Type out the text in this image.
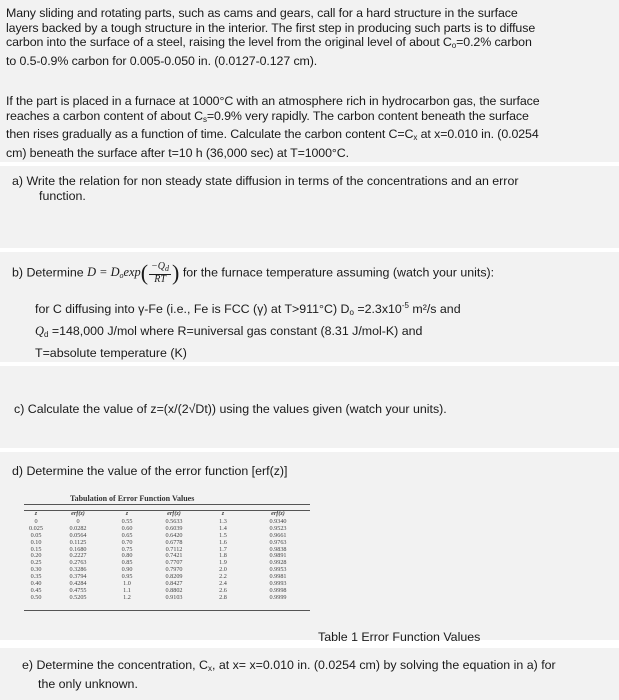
Many sliding and rotating parts, such as cams and gears, call for a hard structure in the surface
layers backed by a tough structure in the interior. The first step in producing such parts is to diffuse
carbon into the surface of a steel, raising the level from the original level of about $C_o=0.2\%$ carbon
to 0.5-0.9% carbon for 0.005-0.050 in. (0.0127-0.127 cm).

If the part is placed in a furnace at 1000°C with an atmosphere rich in hydrocarbon gas, the surface
reaches a carbon content of about $C_s=0.9\%$ very rapidly. The carbon content beneath the surface
then rises gradually as a function of time. Calculate the carbon content $C=C_x$ at x=0.010 in. (0.0254
cm) beneath the surface after t=10 h (36,000 sec) at T=1000°C.

a) Write the relation for non steady state diffusion in terms of the concentrations and an error
function.

b) Determine $D = D_o\exp( \frac{-Q_d}{RT}$ ) for the furnace temperature assuming (watch your units):

for C diffusing into γ-Fe (i.e., Fe is FCC (γ) at T>911°C) $D_o =2.3x10^{-5}$ m²/s and
$Q_d =148,000$ J/mol where R=universal gas constant (8.31 J/mol-K) and
T=absolute temperature (K)

c) Calculate the value of z=(x/(2√Dt)) using the values given (watch your units).

d) Determine the value of the error function [erf(z)]

Tabulation of Error Function Values
z
0
0.025
0.05
0.10
0.15
0.20
0.25
0.30
0.35
0.40
0.45
0.50
erf(z)
0
0.0282
0.0564
0.1125
0.1680
0.2227
0.2763
0.3286
0.3794
0.4284
0.4755
0.5205
z
0.55
0.60
0.65
0.70
0.75
0.80
0.85
0.90
0.95
1.0
1.1
1.2
erf(z)
0.5633
0.6039
0.6420
0.6778
0.7112
0.7421
0.7707
0.7970
0.8209
0.8427
0.8802
0.9103
z
1.3
1.4
1.5
1.6
1.7
1.8
1.9
2.0
2.2
2.4
2.6
2.8
erf(z)
0.9340
0.9523
0.9661
0.9763
0.9838
0.9891
0.9928
0.9953
0.9981
0.9993
0.9998
0.9999
Table 1 Error Function Values

e) Determine the concentration, $C_x$, at x= x=0.010 in. (0.0254 cm) by solving the equation in a) for
the only unknown.
